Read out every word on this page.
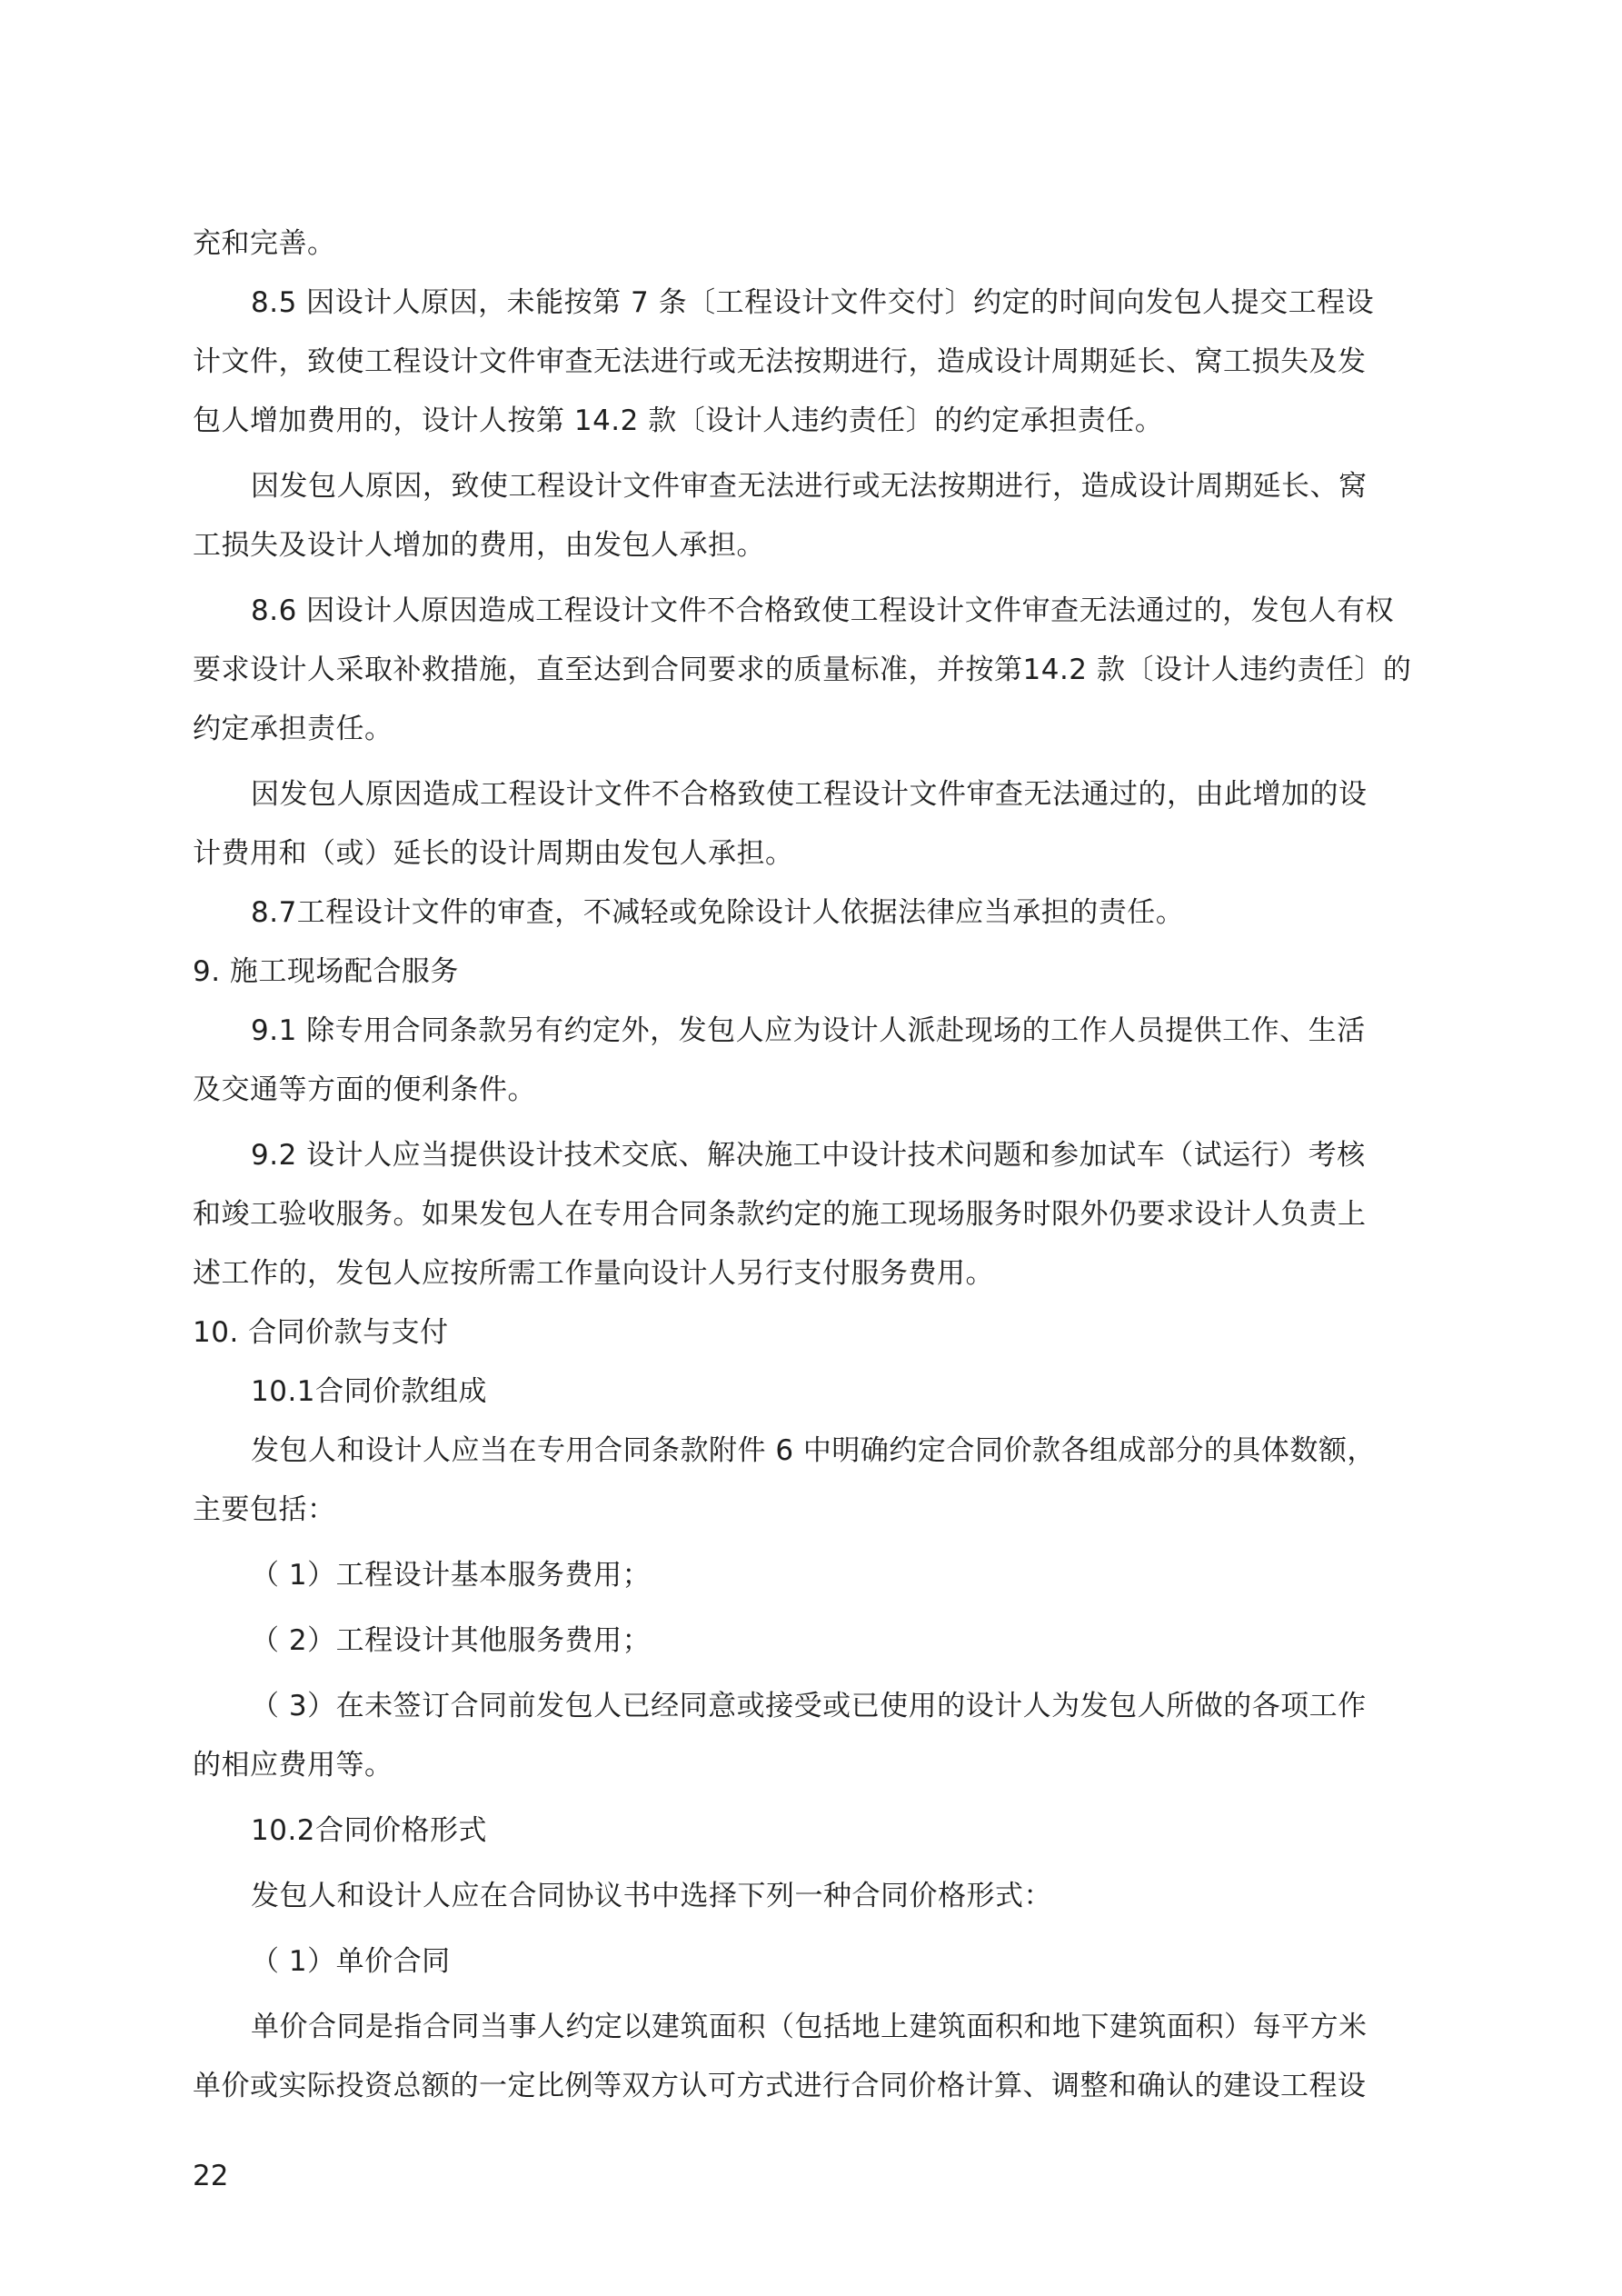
充和完善。
8.5 因设计人原因，未能按第 7 条〔工程设计文件交付〕约定的时间向发包人提交工程设
计文件，致使工程设计文件审查无法进行或无法按期进行，造成设计周期延长、窝工损失及发
包人增加费用的，设计人按第 14.2 款〔设计人违约责任〕的约定承担责任。
因发包人原因，致使工程设计文件审查无法进行或无法按期进行，造成设计周期延长、窝
工损失及设计人增加的费用，由发包人承担。
8.6 因设计人原因造成工程设计文件不合格致使工程设计文件审查无法通过的，发包人有权
要求设计人采取补救措施，直至达到合同要求的质量标准，并按第14.2 款〔设计人违约责任〕的
约定承担责任。
因发包人原因造成工程设计文件不合格致使工程设计文件审查无法通过的，由此增加的设
计费用和（或）延长的设计周期由发包人承担。
8.7工程设计文件的审查，不减轻或免除设计人依据法律应当承担的责任。
9. 施工现场配合服务
9.1 除专用合同条款另有约定外，发包人应为设计人派赴现场的工作人员提供工作、生活
及交通等方面的便利条件。
9.2 设计人应当提供设计技术交底、解决施工中设计技术问题和参加试车（试运行）考核
和竣工验收服务。如果发包人在专用合同条款约定的施工现场服务时限外仍要求设计人负责上
述工作的，发包人应按所需工作量向设计人另行支付服务费用。
10. 合同价款与支付
10.1合同价款组成
发包人和设计人应当在专用合同条款附件 6 中明确约定合同价款各组成部分的具体数额，
主要包括：
（ 1）工程设计基本服务费用；
（ 2）工程设计其他服务费用；
（ 3）在未签订合同前发包人已经同意或接受或已使用的设计人为发包人所做的各项工作
的相应费用等。
10.2合同价格形式
发包人和设计人应在合同协议书中选择下列一种合同价格形式：
（ 1）单价合同
单价合同是指合同当事人约定以建筑面积（包括地上建筑面积和地下建筑面积）每平方米
单价或实际投资总额的一定比例等双方认可方式进行合同价格计算、调整和确认的建设工程设
22
